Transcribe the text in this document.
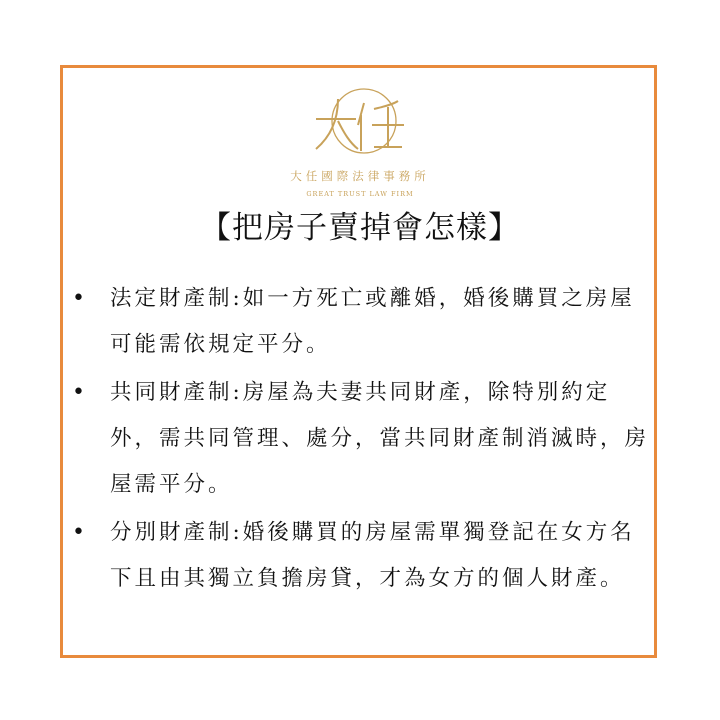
大任國際法律事務所
GREAT TRUST LAW FIRM
【把房子賣掉會怎樣】
• 法定財產制:如一方死亡或離婚，婚後購買之房屋可能需依規定平分。
• 共同財產制:房屋為夫妻共同財產，除特別約定外，需共同管理、處分，當共同財產制消滅時，房屋需平分。
• 分別財產制:婚後購買的房屋需單獨登記在女方名下且由其獨立負擔房貸，才為女方的個人財產。
